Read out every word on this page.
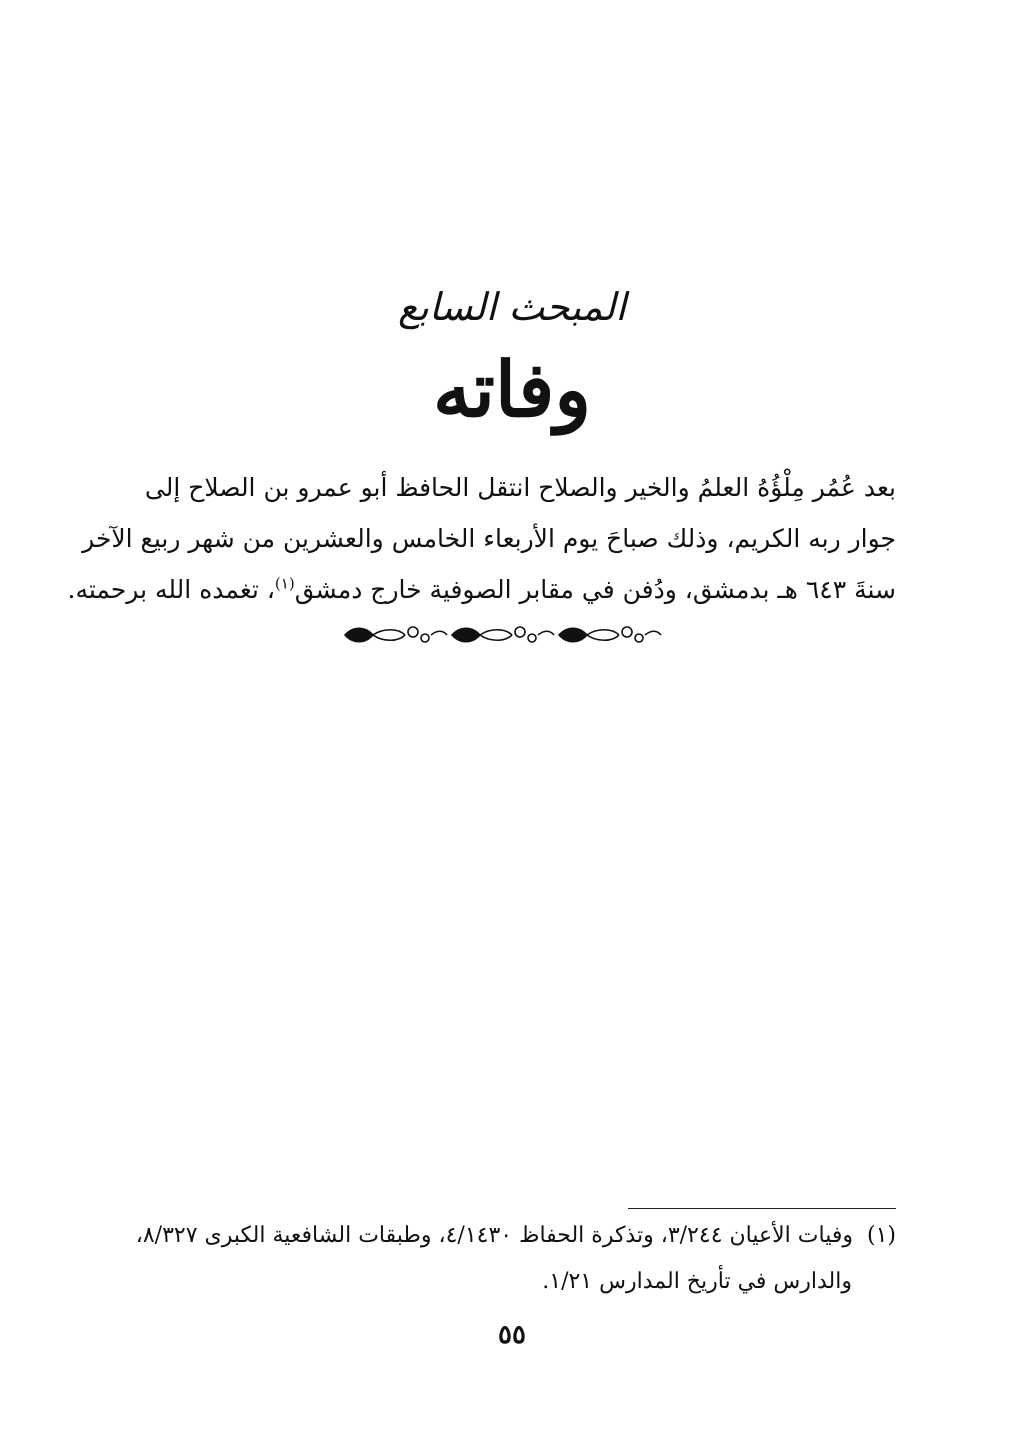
المبحث السابع
وفاته
بعد عُمُر مِلْؤُهُ العلمُ والخير والصلاح انتقل الحافظ أبو عمرو بن الصلاح إلى
جوار ربه الكريم، وذلك صباحَ يوم الأربعاء الخامس والعشرين من شهر ربيع الآخر
سنةَ ٦٤٣ هـ بدمشق، ودُفن في مقابر الصوفية خارج دمشق$^{(١)}$، تغمده الله برحمته.
(١)  وفيات الأعيان ٣/٢٤٤، وتذكرة الحفاظ ٤/١٤٣٠، وطبقات الشافعية الكبرى ٨/٣٢٧،
والدارس في تأريخ المدارس ١/٢١.
٥٥
